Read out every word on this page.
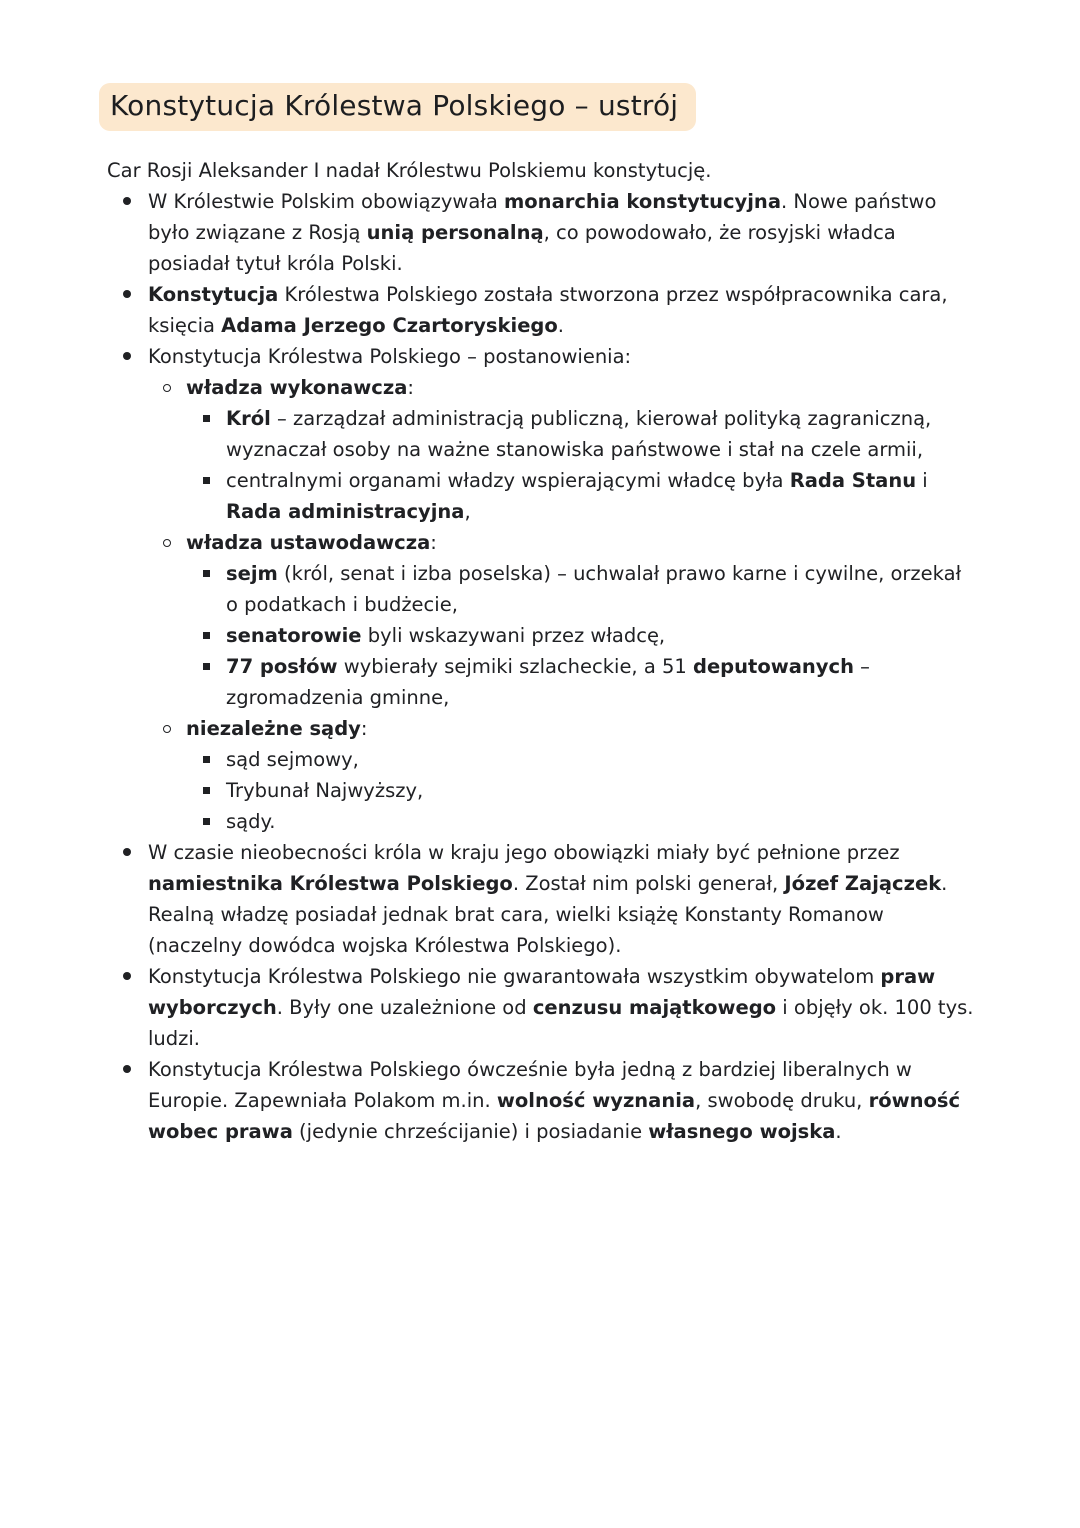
Konstytucja Królestwa Polskiego – ustrój

Car Rosji Aleksander I nadał Królestwu Polskiemu konstytucję.

W Królestwie Polskim obowiązywała monarchia konstytucyjna. Nowe państwo było związane z Rosją unią personalną, co powodowało, że rosyjski władca posiadał tytuł króla Polski.
Konstytucja Królestwa Polskiego została stworzona przez współpracownika cara, księcia Adama Jerzego Czartoryskiego.
Konstytucja Królestwa Polskiego – postanowienia:
władza wykonawcza:
Król – zarządzał administracją publiczną, kierował polityką zagraniczną, wyznaczał osoby na ważne stanowiska państwowe i stał na czele armii,
centralnymi organami władzy wspierającymi władcę była Rada Stanu i Rada administracyjna,
władza ustawodawcza:
sejm (król, senat i izba poselska) – uchwalał prawo karne i cywilne, orzekał o podatkach i budżecie,
senatorowie byli wskazywani przez władcę,
77 posłów wybierały sejmiki szlacheckie, a 51 deputowanych – zgromadzenia gminne,
niezależne sądy:
sąd sejmowy,
Trybunał Najwyższy,
sądy.
W czasie nieobecności króla w kraju jego obowiązki miały być pełnione przez namiestnika Królestwa Polskiego. Został nim polski generał, Józef Zajączek. Realną władzę posiadał jednak brat cara, wielki książę Konstanty Romanow (naczelny dowódca wojska Królestwa Polskiego).
Konstytucja Królestwa Polskiego nie gwarantowała wszystkim obywatelom praw wyborczych. Były one uzależnione od cenzusu majątkowego i objęły ok. 100 tys. ludzi.
Konstytucja Królestwa Polskiego ówcześnie była jedną z bardziej liberalnych w Europie. Zapewniała Polakom m.in. wolność wyznania, swobodę druku, równość wobec prawa (jedynie chrześcijanie) i posiadanie własnego wojska.
